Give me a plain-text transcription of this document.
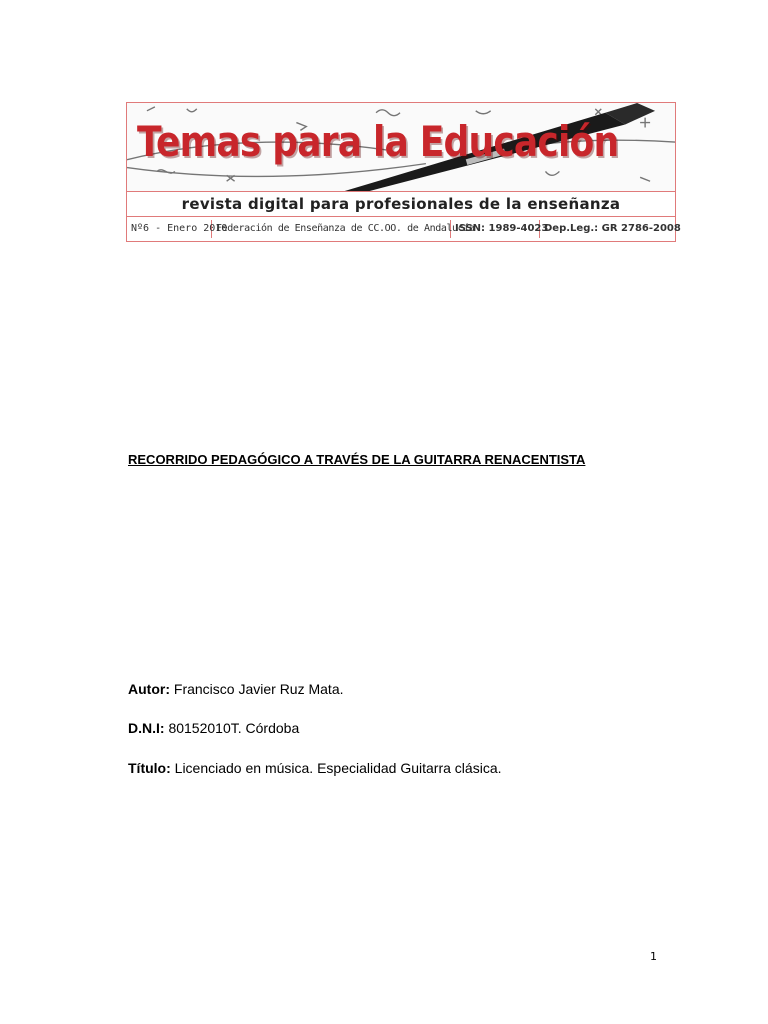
Temas para la Educación
revista digital para profesionales de la enseñanza
Nº6 - Enero 2010
Federación de Enseñanza de CC.OO. de Andalucía
ISSN: 1989-4023
Dep.Leg.: GR 2786-2008
RECORRIDO PEDAGÓGICO A TRAVÉS DE LA GUITARRA RENACENTISTA
Autor: Francisco Javier Ruz Mata.
D.N.I: 80152010T. Córdoba
Título: Licenciado en música. Especialidad Guitarra clásica.
1
